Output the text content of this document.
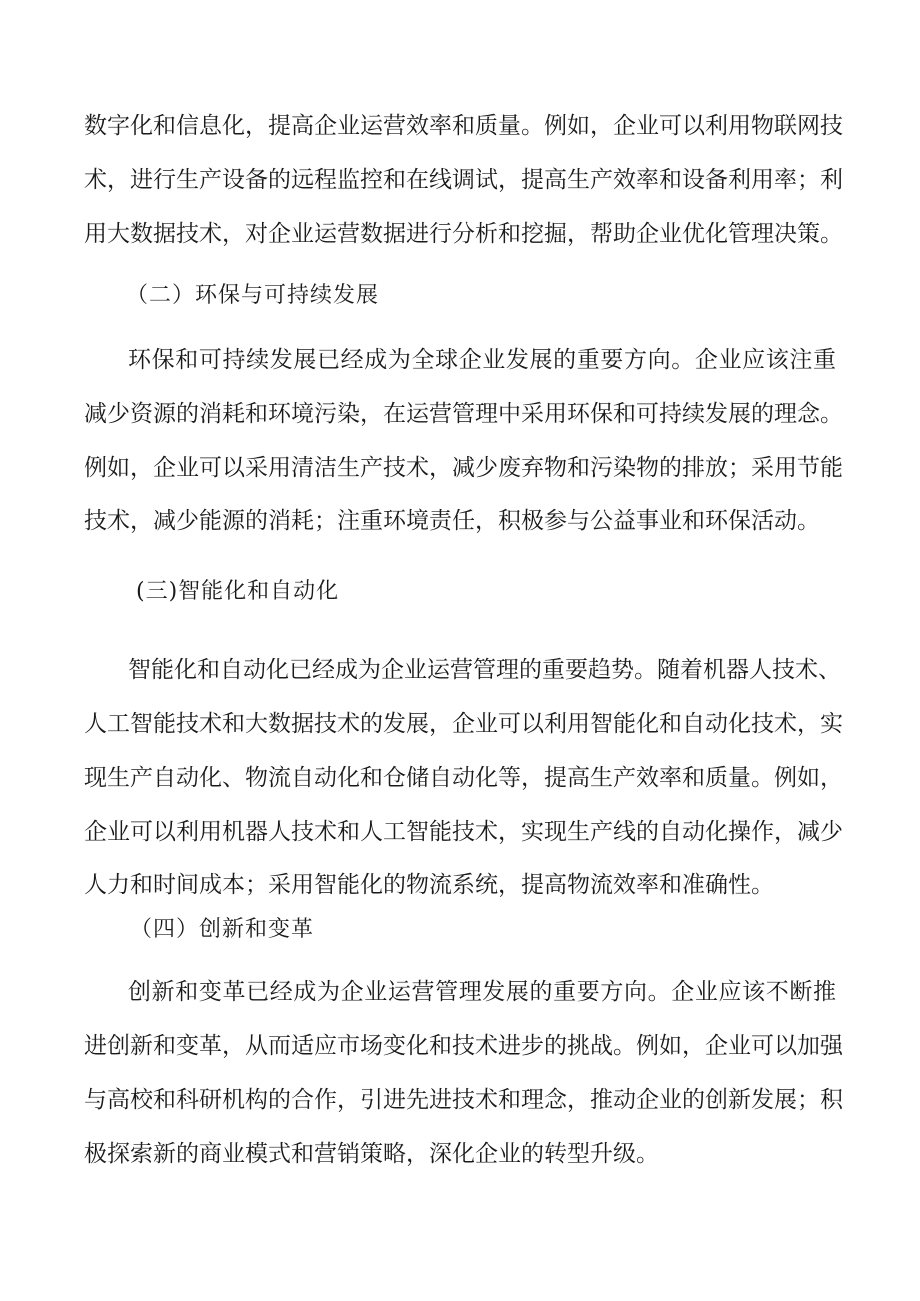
数字化和信息化，提高企业运营效率和质量。例如，企业可以利用物联网技
术，进行生产设备的远程监控和在线调试，提高生产效率和设备利用率；利
用大数据技术，对企业运营数据进行分析和挖掘，帮助企业优化管理决策。
（二）环保与可持续发展
环保和可持续发展已经成为全球企业发展的重要方向。企业应该注重
减少资源的消耗和环境污染，在运营管理中采用环保和可持续发展的理念。
例如，企业可以采用清洁生产技术，减少废弃物和污染物的排放；采用节能
技术，减少能源的消耗；注重环境责任，积极参与公益事业和环保活动。
(三)智能化和自动化
智能化和自动化已经成为企业运营管理的重要趋势。随着机器人技术、
人工智能技术和大数据技术的发展，企业可以利用智能化和自动化技术，实
现生产自动化、物流自动化和仓储自动化等，提高生产效率和质量。例如，
企业可以利用机器人技术和人工智能技术，实现生产线的自动化操作，减少
人力和时间成本；采用智能化的物流系统，提高物流效率和准确性。
（四）创新和变革
创新和变革已经成为企业运营管理发展的重要方向。企业应该不断推
进创新和变革，从而适应市场变化和技术进步的挑战。例如，企业可以加强
与高校和科研机构的合作，引进先进技术和理念，推动企业的创新发展；积
极探索新的商业模式和营销策略，深化企业的转型升级。
